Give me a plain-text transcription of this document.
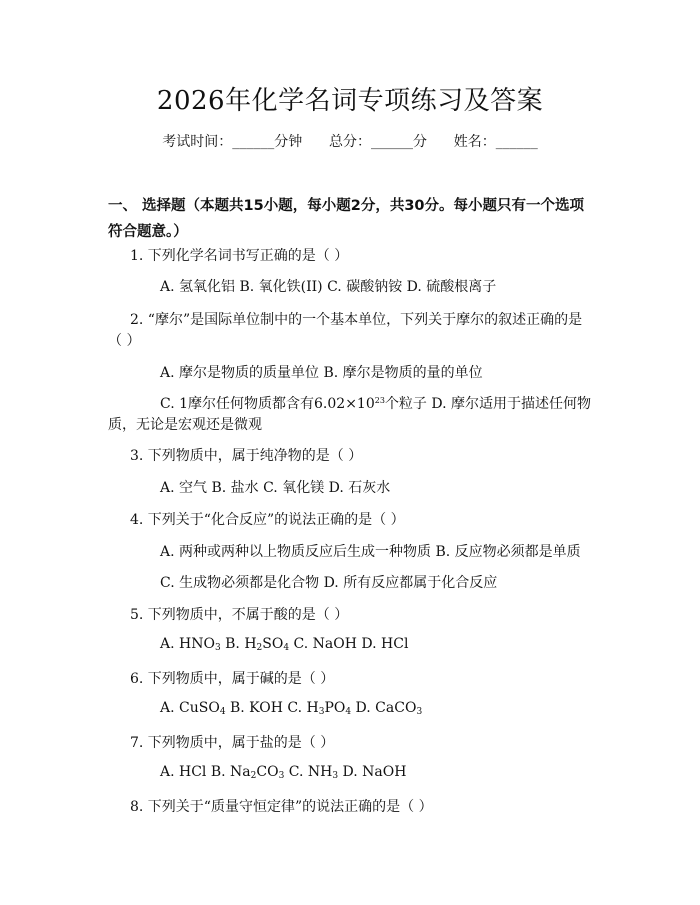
2026年化学名词专项练习及答案
考试时间：______分钟      总分：______分      姓名：______
一、 选择题（本题共15小题，每小题2分，共30分。每小题只有一个选项符合题意。）
1. 下列化学名词书写正确的是（ ）
A. 氢氧化铝 B. 氧化铁(II) C. 碳酸钠铵 D. 硫酸根离子
2. “摩尔”是国际单位制中的一个基本单位，下列关于摩尔的叙述正确的是
（ ）
A. 摩尔是物质的质量单位 B. 摩尔是物质的量的单位
C. 1摩尔任何物质都含有$6.02\times 10^{23}$个粒子 D. 摩尔适用于描述任何物
质，无论是宏观还是微观
3. 下列物质中，属于纯净物的是（ ）
A. 空气 B. 盐水 C. 氧化镁 D. 石灰水
4. 下列关于“化合反应”的说法正确的是（ ）
A. 两种或两种以上物质反应后生成一种物质 B. 反应物必须都是单质
C. 生成物必须都是化合物 D. 所有反应都属于化合反应
5. 下列物质中，不属于酸的是（ ）
A. $HNO_3$ B. $H_2SO_4$ C. NaOH D. HCl
6. 下列物质中，属于碱的是（ ）
A. CuSO$_4$ B. KOH C. $H_3PO_4$ D. CaCO$_3$
7. 下列物质中，属于盐的是（ ）
A. HCl B. $Na_2CO_3$ C. $NH_3$ D. NaOH
8. 下列关于“质量守恒定律”的说法正确的是（ ）
